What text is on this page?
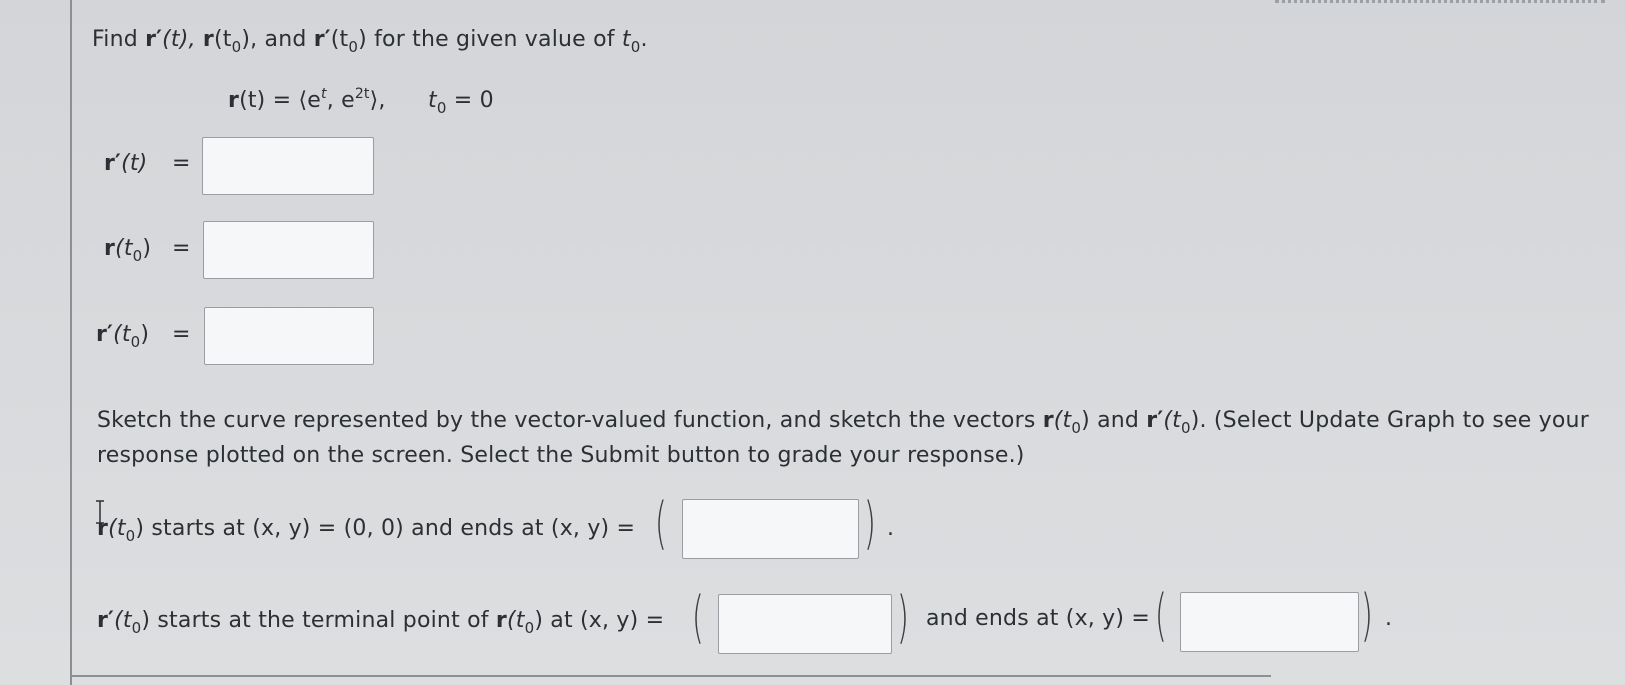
Find r′(t), $r(t_0)$, and $r'(t_0)$ for the given value of $t_0$.
$r(t) = ⟨e^t$, $e^{2t}⟩$, $t_0 = 0$
r′(t) =
$r(t_0)$ =
$r'(t_0)$ =
Sketch the curve represented by the vector-valued function, and sketch the vectors $r(t_0)$ and $r'(t_0)$. (Select Update Graph to see your
response plotted on the screen. Select the Submit button to grade your response.)
$r(t_0)$ starts at (x, y) = (0, 0) and ends at (x, y) = (	) .
$r'(t_0)$ starts at the terminal point of $r(t_0)$ at (x, y) = (	) and ends at (x, y) = (	) .
